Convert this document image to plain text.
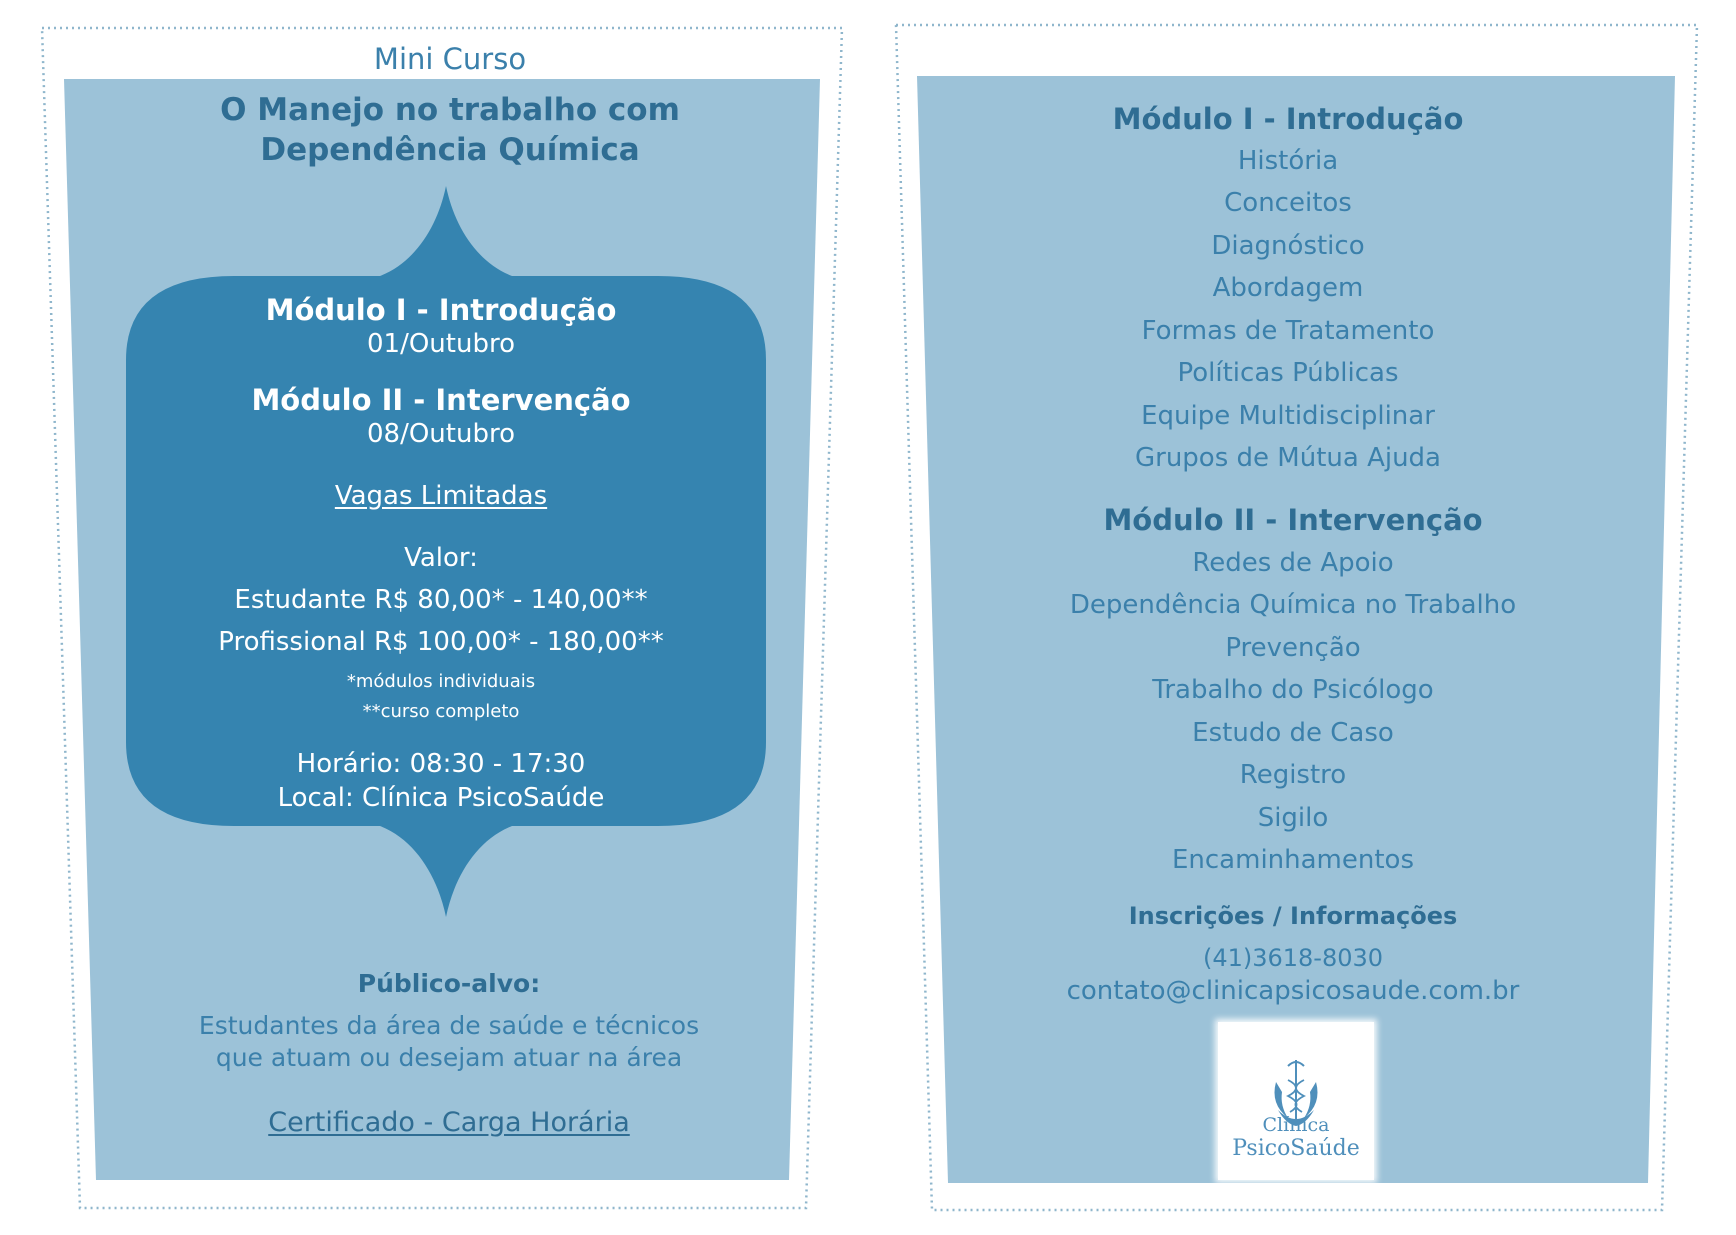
Mini Curso
O Manejo no trabalho com
Dependência Química
Módulo I - Introdução
01/Outubro
Módulo II - Intervenção
08/Outubro
Vagas Limitadas
Valor:
Estudante R$ 80,00* - 140,00**
Profissional R$ 100,00* - 180,00**
*módulos individuais
**curso completo
Horário: 08:30 - 17:30
Local: Clínica PsicoSaúde
Público-alvo:
Estudantes da área de saúde e técnicos
que atuam ou desejam atuar na área
Certificado - Carga Horária
Módulo I - Introdução
História
Conceitos
Diagnóstico
Abordagem
Formas de Tratamento
Políticas Públicas
Equipe Multidisciplinar
Grupos de Mútua Ajuda
Módulo II - Intervenção
Redes de Apoio
Dependência Química no Trabalho
Prevenção
Trabalho do Psicólogo
Estudo de Caso
Registro
Sigilo
Encaminhamentos
Inscrições / Informações
(41)3618-8030
contato@clinicapsicosaude.com.br
Clínica
PsicoSaúde
